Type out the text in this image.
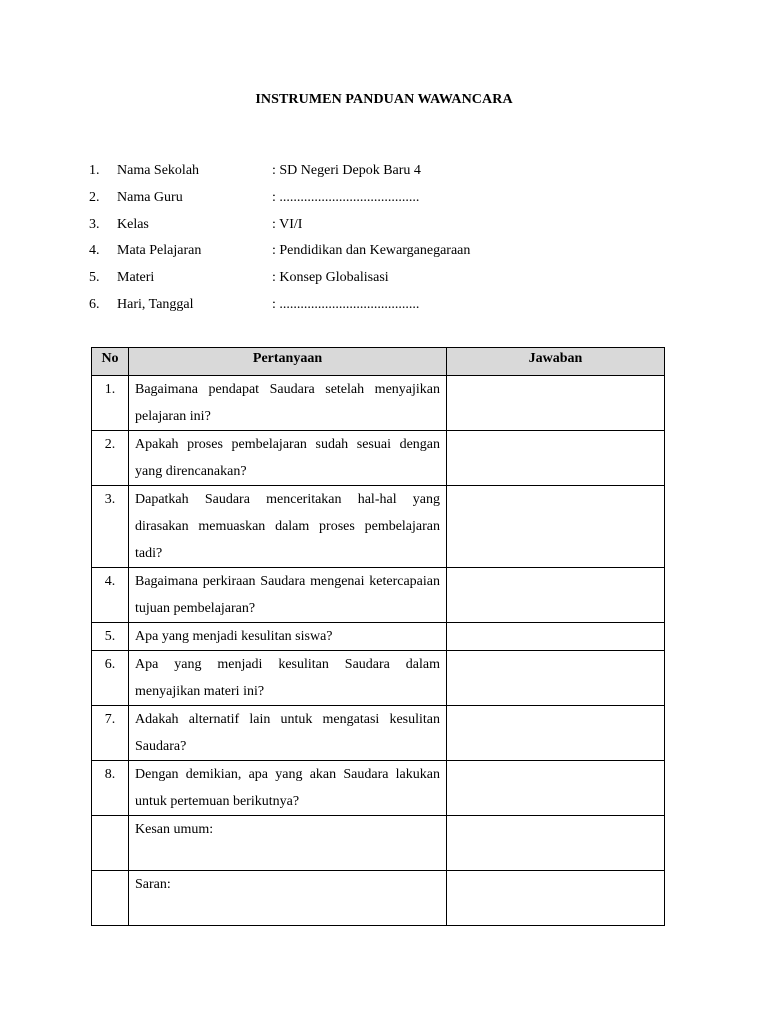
INSTRUMEN PANDUAN WAWANCARA
1.	Nama Sekolah	: SD Negeri Depok Baru 4
2.	Nama Guru	: ........................................
3.	Kelas	: VI/I
4.	Mata Pelajaran	: Pendidikan dan Kewarganegaraan
5.	Materi	: Konsep Globalisasi
6.	Hari, Tanggal	: ........................................
No	Pertanyaan	Jawaban
1.	Bagaimana pendapat Saudara setelah menyajikan pelajaran ini?	
2.	Apakah proses pembelajaran sudah sesuai dengan yang direncanakan?	
3.	Dapatkah Saudara menceritakan hal-hal yang dirasakan memuaskan dalam proses pembelajaran tadi?	
4.	Bagaimana perkiraan Saudara mengenai ketercapaian tujuan pembelajaran?	
5.	Apa yang menjadi kesulitan siswa?	
6.	Apa yang menjadi kesulitan Saudara dalam menyajikan materi ini?	
7.	Adakah alternatif lain untuk mengatasi kesulitan Saudara?	
8.	Dengan demikian, apa yang akan Saudara lakukan untuk pertemuan berikutnya?	
	Kesan umum:	
	Saran:	
